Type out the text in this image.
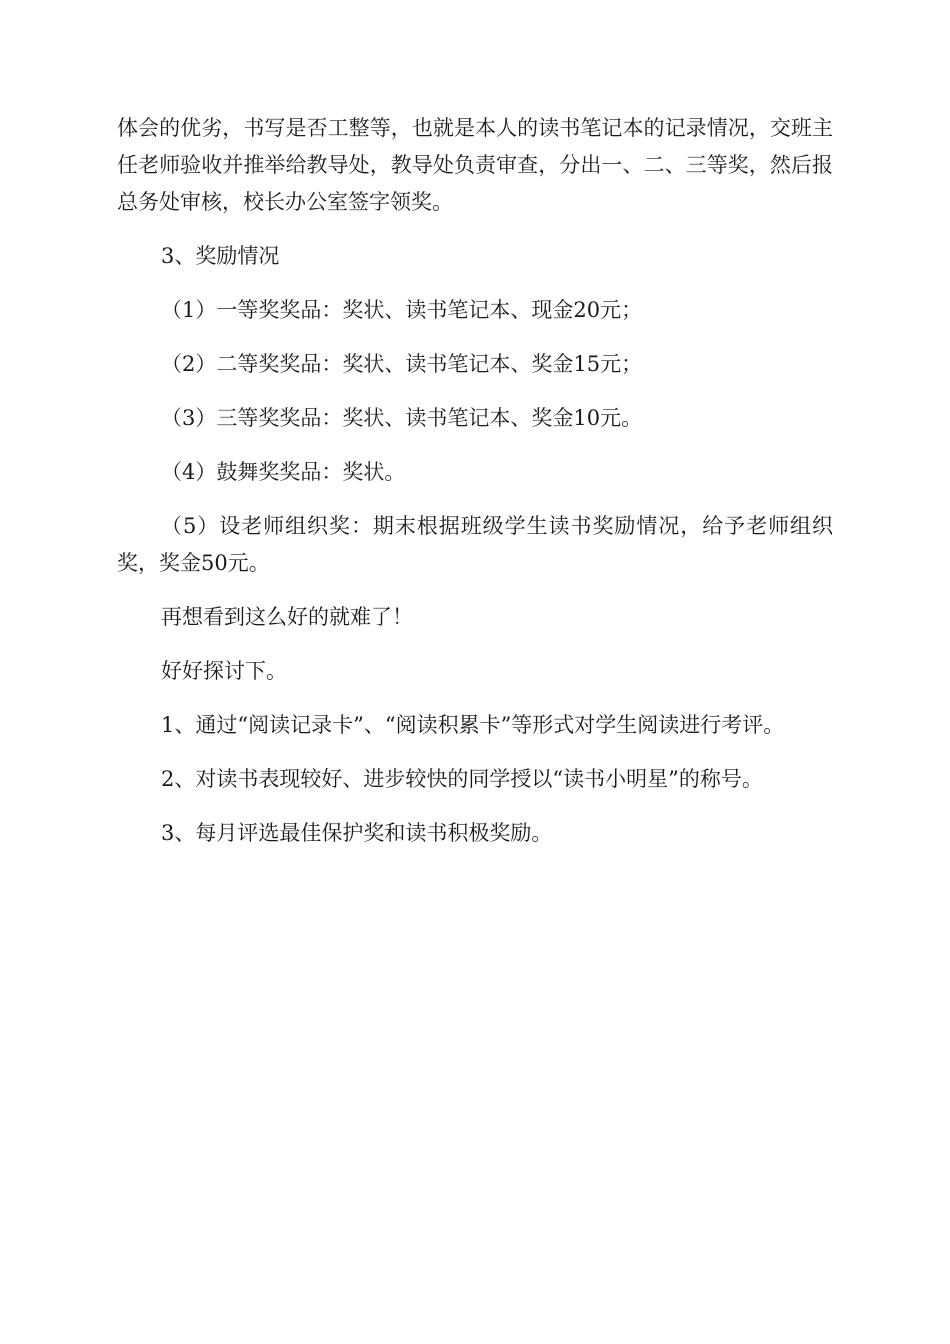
体会的优劣，书写是否工整等，也就是本人的读书笔记本的记录情况，交班主任老师验收并推举给教导处，教导处负责审查，分出一、二、三等奖，然后报总务处审核，校长办公室签字领奖。

3、奖励情况

（1）一等奖奖品：奖状、读书笔记本、现金20元；

（2）二等奖奖品：奖状、读书笔记本、奖金15元；

（3）三等奖奖品：奖状、读书笔记本、奖金10元。

（4）鼓舞奖奖品：奖状。

（5）设老师组织奖：期末根据班级学生读书奖励情况，给予老师组织奖，奖金50元。

再想看到这么好的就难了！

好好探讨下。

1、通过“阅读记录卡”、“阅读积累卡”等形式对学生阅读进行考评。

2、对读书表现较好、进步较快的同学授以“读书小明星”的称号。

3、每月评选最佳保护奖和读书积极奖励。
